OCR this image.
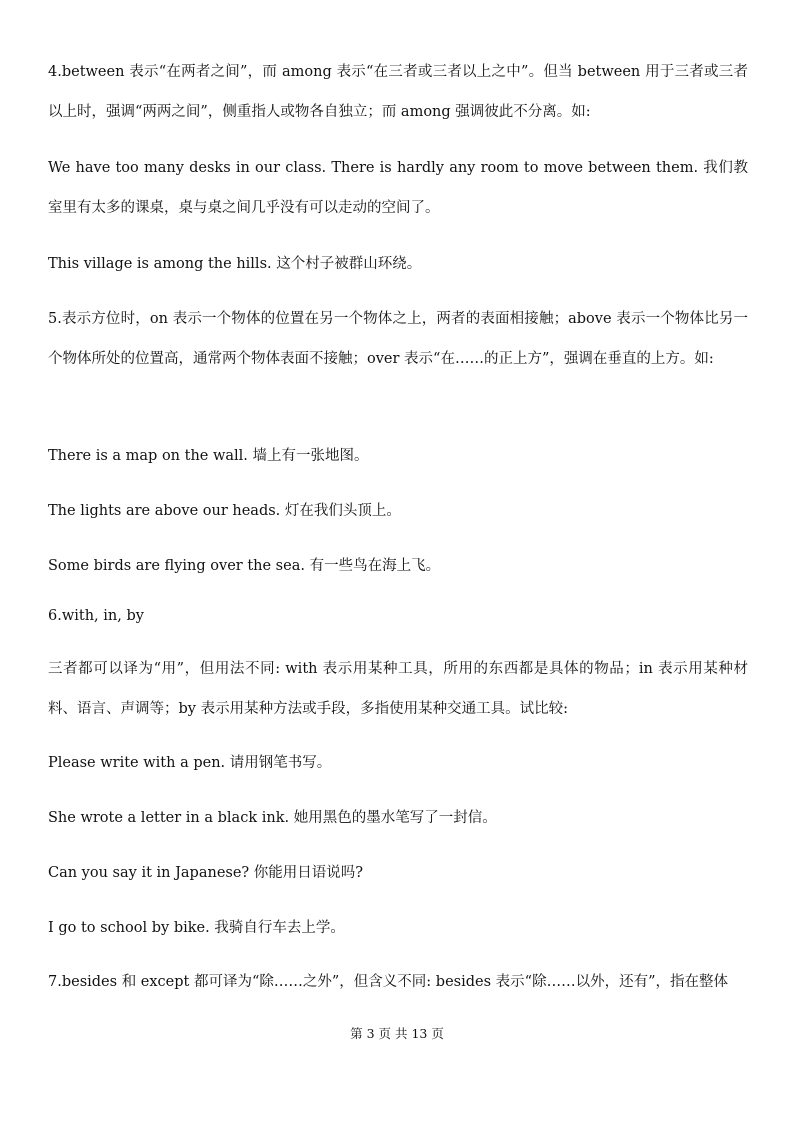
4.between 表示“在两者之间”，而 among 表示“在三者或三者以上之中”。但当 between 用于三者或三者以上时，强调“两两之间”，侧重指人或物各自独立；而 among 强调彼此不分离。如:

We have too many desks in our class. There is hardly any room to move between them. 我们教室里有太多的课桌，桌与桌之间几乎没有可以走动的空间了。

This village is among the hills. 这个村子被群山环绕。

5.表示方位时，on 表示一个物体的位置在另一个物体之上，两者的表面相接触；above 表示一个物体比另一个物体所处的位置高，通常两个物体表面不接触；over 表示“在……的正上方”，强调在垂直的上方。如:

There is a map on the wall. 墙上有一张地图。

The lights are above our heads. 灯在我们头顶上。

Some birds are flying over the sea. 有一些鸟在海上飞。

6.with, in, by

三者都可以译为“用”，但用法不同: with 表示用某种工具，所用的东西都是具体的物品；in 表示用某种材料、语言、声调等；by 表示用某种方法或手段，多指使用某种交通工具。试比较:

Please write with a pen. 请用钢笔书写。

She wrote a letter in a black ink. 她用黑色的墨水笔写了一封信。

Can you say it in Japanese? 你能用日语说吗?

I go to school by bike. 我骑自行车去上学。

7.besides 和 except 都可译为“除……之外”，但含义不同: besides 表示“除……以外，还有”，指在整体

第 3 页 共 13 页
